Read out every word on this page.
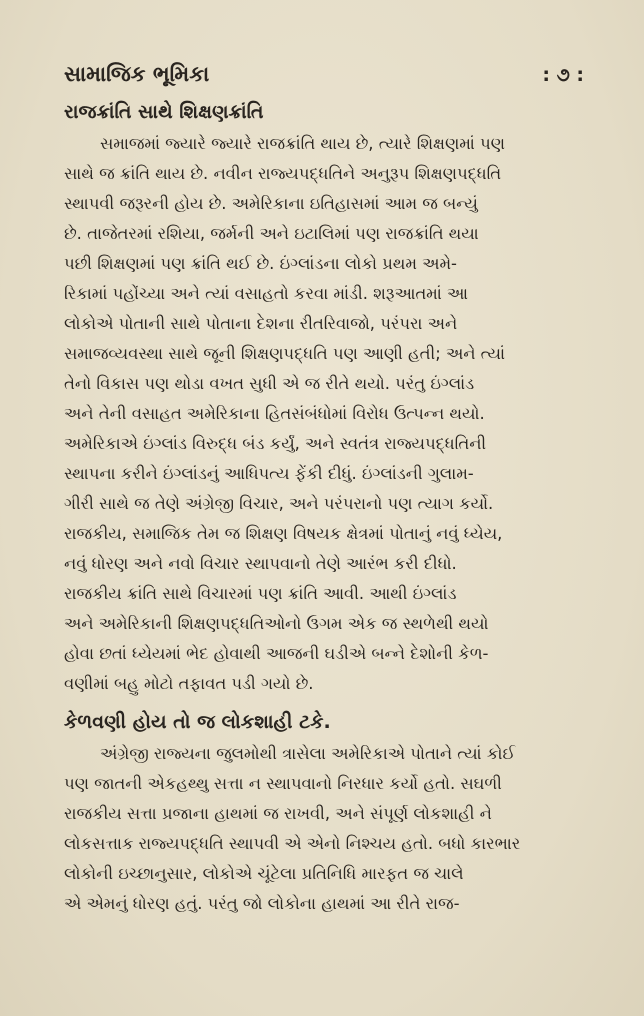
સામાજિક ભૂમિકા	: ૭ :
રાજક્રાંતિ સાથે શિક્ષણક્રાંતિ
સમાજમાં જ્યારે જ્યારે રાજક્રાંતિ થાય છે, ત્યારે શિક્ષણમાં પણ
સાથે જ ક્રાંતિ થાય છે. નવીન રાજ્યપદ્ધતિને અનુરૂપ શિક્ષણપદ્ધતિ
સ્થાપવી જરૂરની હોય છે. અમેરિકાના ઇતિહાસમાં આમ જ બન્યું
છે. તાજેતરમાં રશિયા, જર્મની અને ઇટાલિમાં પણ રાજક્રાંતિ થયા
પછી શિક્ષણમાં પણ ક્રાંતિ થઈ છે. ઇંગ્લાંડના લોકો પ્રથમ અમે-
રિકામાં પહોંચ્યા અને ત્યાં વસાહતો કરવા માંડી. શરૂઆતમાં આ
લોકોએ પોતાની સાથે પોતાના દેશના રીતરિવાજો, પરંપરા અને
સમાજવ્યવસ્થા સાથે જૂની શિક્ષણપદ્ધતિ પણ આણી હતી; અને ત્યાં
તેનો વિકાસ પણ થોડા વખત સુધી એ જ રીતે થયો. પરંતુ ઇંગ્લાંડ
અને તેની વસાહત અમેરિકાના હિતસંબંધોમાં વિરોધ ઉત્પન્ન થયો.
અમેરિકાએ ઇંગ્લાંડ વિરુદ્ધ બંડ કર્યું, અને સ્વતંત્ર રાજ્યપદ્ધતિની
સ્થાપના કરીને ઇંગ્લાંડનું આધિપત્ય ફેંકી દીધું. ઇંગ્લાંડની ગુલામ-
ગીરી સાથે જ તેણે અંગ્રેજી વિચાર, અને પરંપરાનો પણ ત્યાગ કર્યો.
રાજકીય, સમાજિક તેમ જ શિક્ષણ વિષયક ક્ષેત્રમાં પોતાનું નવું ધ્યેય,
નવું ધોરણ અને નવો વિચાર સ્થાપવાનો તેણે આરંભ કરી દીધો.
રાજકીય ક્રાંતિ સાથે વિચારમાં પણ ક્રાંતિ આવી. આથી ઇંગ્લાંડ
અને અમેરિકાની શિક્ષણપદ્ધતિઓનો ઉગમ એક જ સ્થળેથી થયો
હોવા છતાં ધ્યેયમાં ભેદ હોવાથી આજની ઘડીએ બન્ને દેશોની કેળ-
વણીમાં બહુ મોટો તફાવત પડી ગયો છે.
કેળવણી હોય તો જ લોકશાહી ટકે.
અંગ્રેજી રાજ્યના જુલમોથી ત્રાસેલા અમેરિકાએ પોતાને ત્યાં કોઈ
પણ જાતની એકહથ્થુ સત્તા ન સ્થાપવાનો નિરધાર કર્યો હતો. સઘળી
રાજકીય સત્તા પ્રજાના હાથમાં જ રાખવી, અને સંપૂર્ણ લોકશાહી ને
લોકસત્તાક રાજ્યપદ્ધતિ સ્થાપવી એ એનો નિશ્ચય હતો. બધો કારભાર
લોકોની ઇચ્છાનુસાર, લોકોએ ચૂંટેલા પ્રતિનિધિ મારફત જ ચાલે
એ એમનું ધોરણ હતું. પરંતુ જો લોકોના હાથમાં આ રીતે રાજ-
